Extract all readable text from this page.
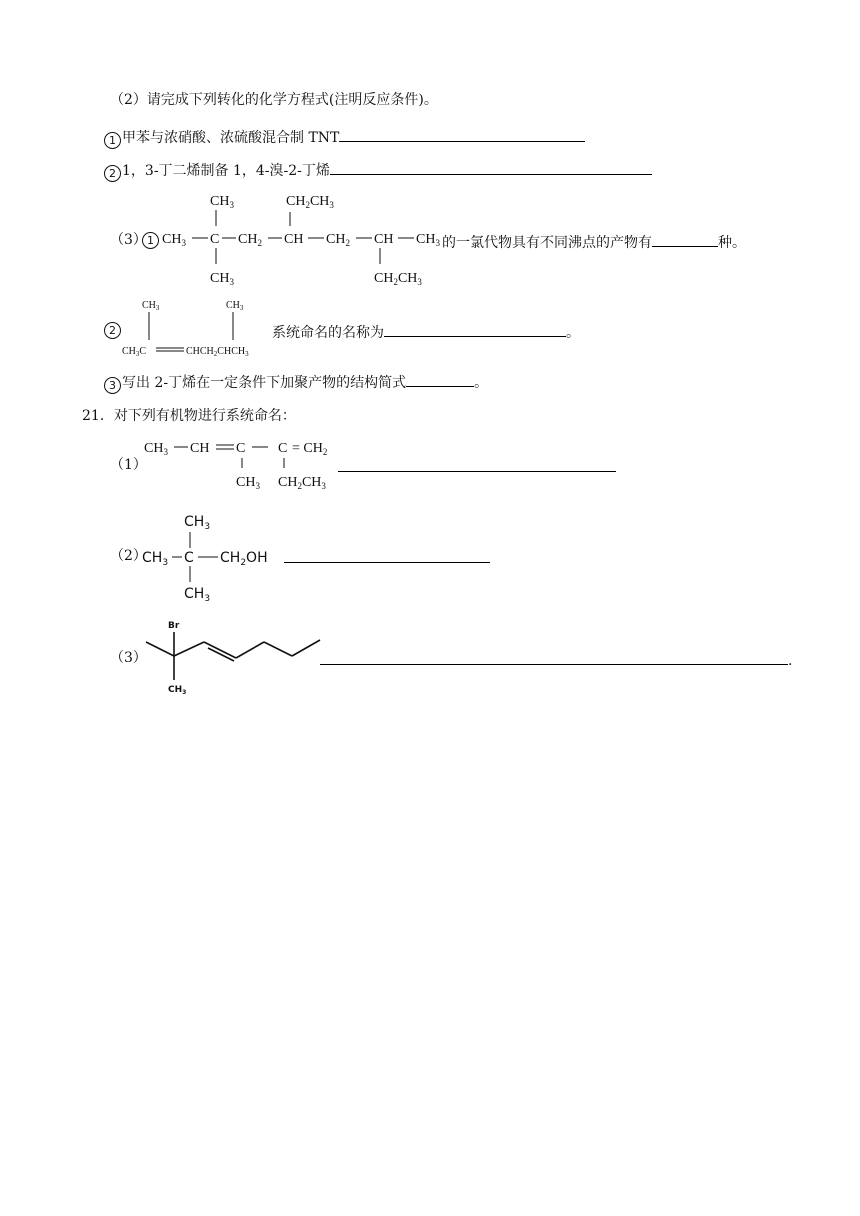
（2）请完成下列转化的化学方程式(注明反应条件)。
1 甲苯与浓硝酸、浓硫酸混合制 TNT
2 1，3-丁二烯制备 1，4-溴-2-丁烯
（3） 1 $CH_3$ C $CH_2$ CH $CH_2$ CH $CH_3$
$CH_3$
$CH_3$
$CH_2CH_3$
$CH_2CH_3$
的一氯代物具有不同沸点的产物有	种。
2
$CH_3$	$CH_3$
$CH_3C$	$CHCH_2CHCH_3$
系统命名的名称为	。
3 写出 2-丁烯在一定条件下加聚产物的结构简式	。
21．对下列有机物进行系统命名：
（1）
$CH_3$ CH C $C = CH_2$
$CH_3$ $CH_2CH_3$
（2）
$CH_3$
$CH_3$ C $CH_2OH$
$CH_3$
（3）
Br
$CH_3$
.
